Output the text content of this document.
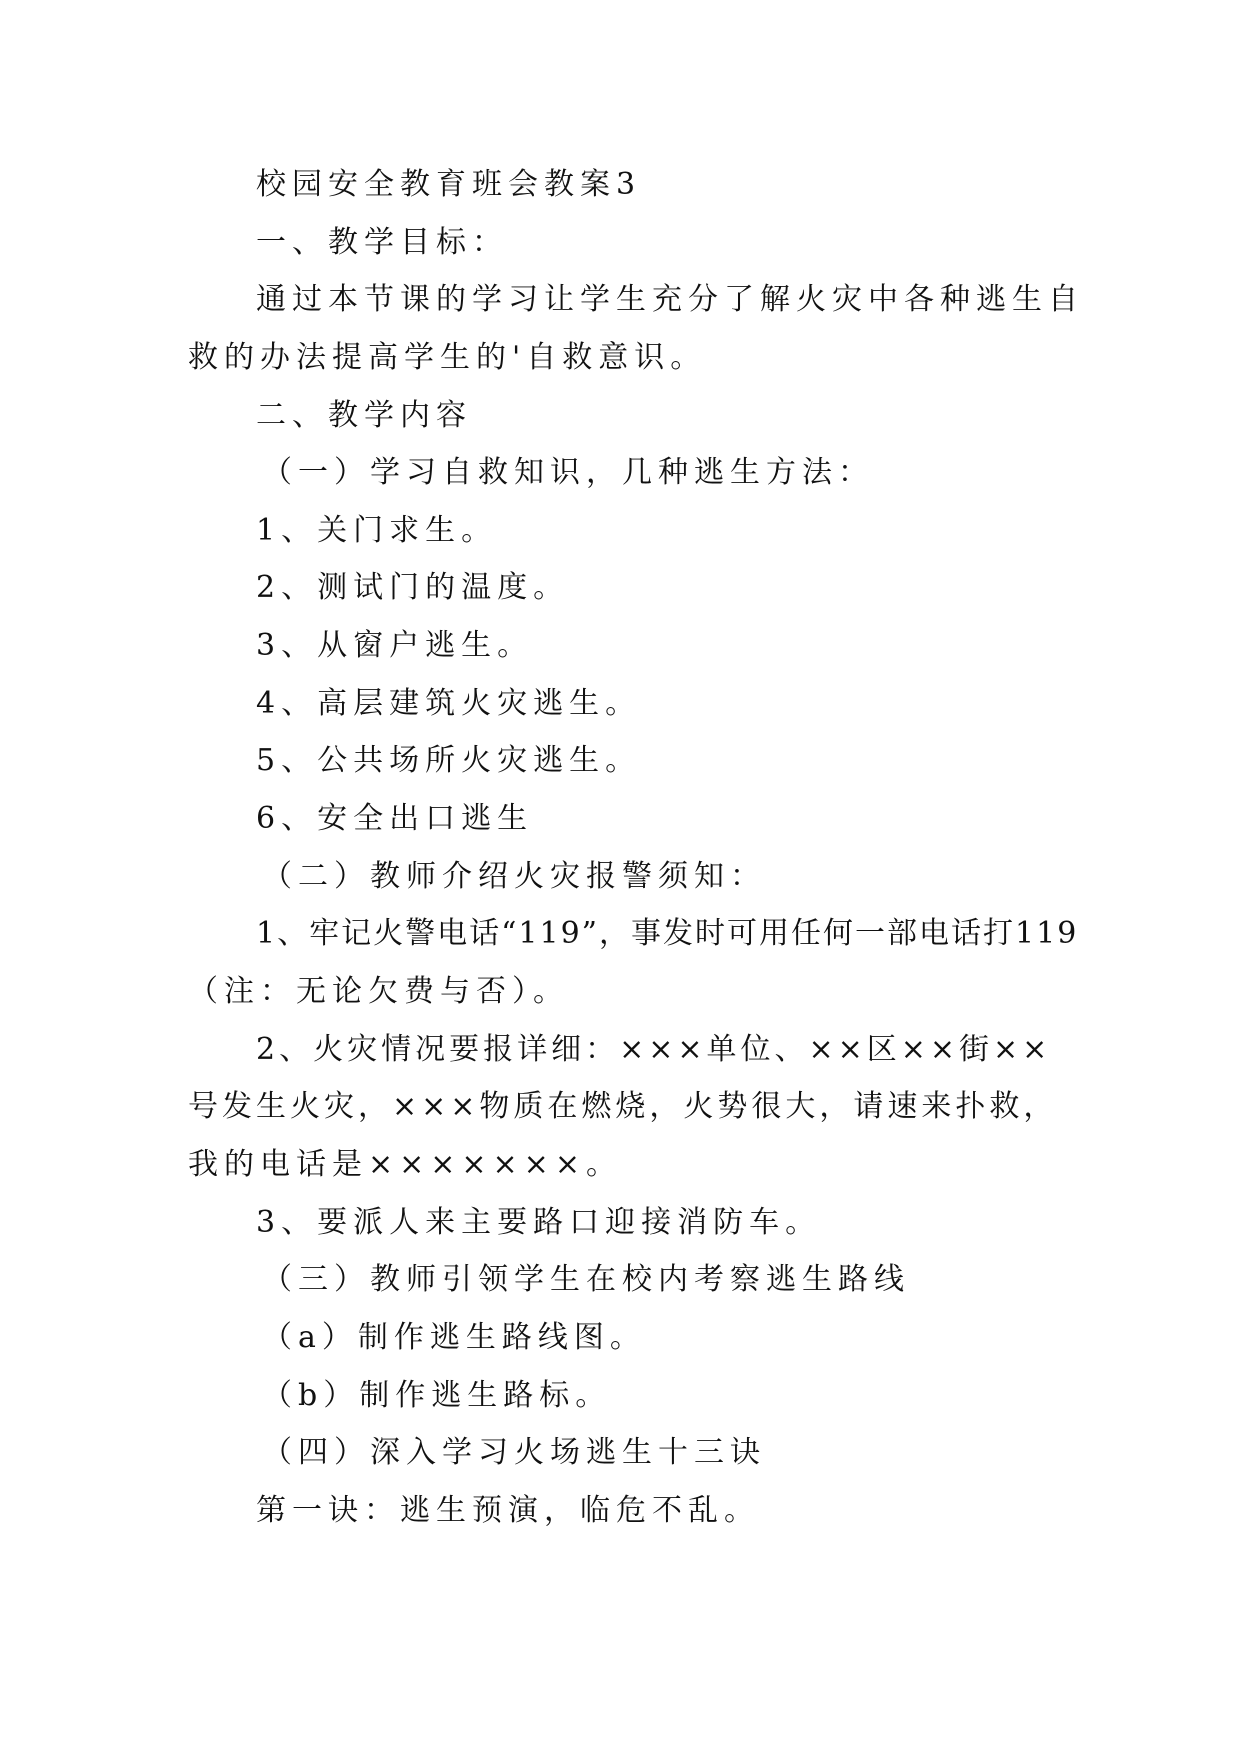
校园安全教育班会教案3
一、教学目标：
通过本节课的学习让学生充分了解火灾中各种逃生自
救的办法提高学生的'自救意识。
二、教学内容
（一）学习自救知识，几种逃生方法：
1、关门求生。
2、测试门的温度。
3、从窗户逃生。
4、高层建筑火灾逃生。
5、公共场所火灾逃生。
6、安全出口逃生
（二）教师介绍火灾报警须知：
1、牢记火警电话“119”，事发时可用任何一部电话打119
（注：无论欠费与否）。
2、火灾情况要报详细：×××单位、××区××街××
号发生火灾，×××物质在燃烧，火势很大，请速来扑救，
我的电话是×××××××。
3、要派人来主要路口迎接消防车。
（三）教师引领学生在校内考察逃生路线
（a）制作逃生路线图。
（b）制作逃生路标。
（四）深入学习火场逃生十三诀
第一诀：逃生预演，临危不乱。
